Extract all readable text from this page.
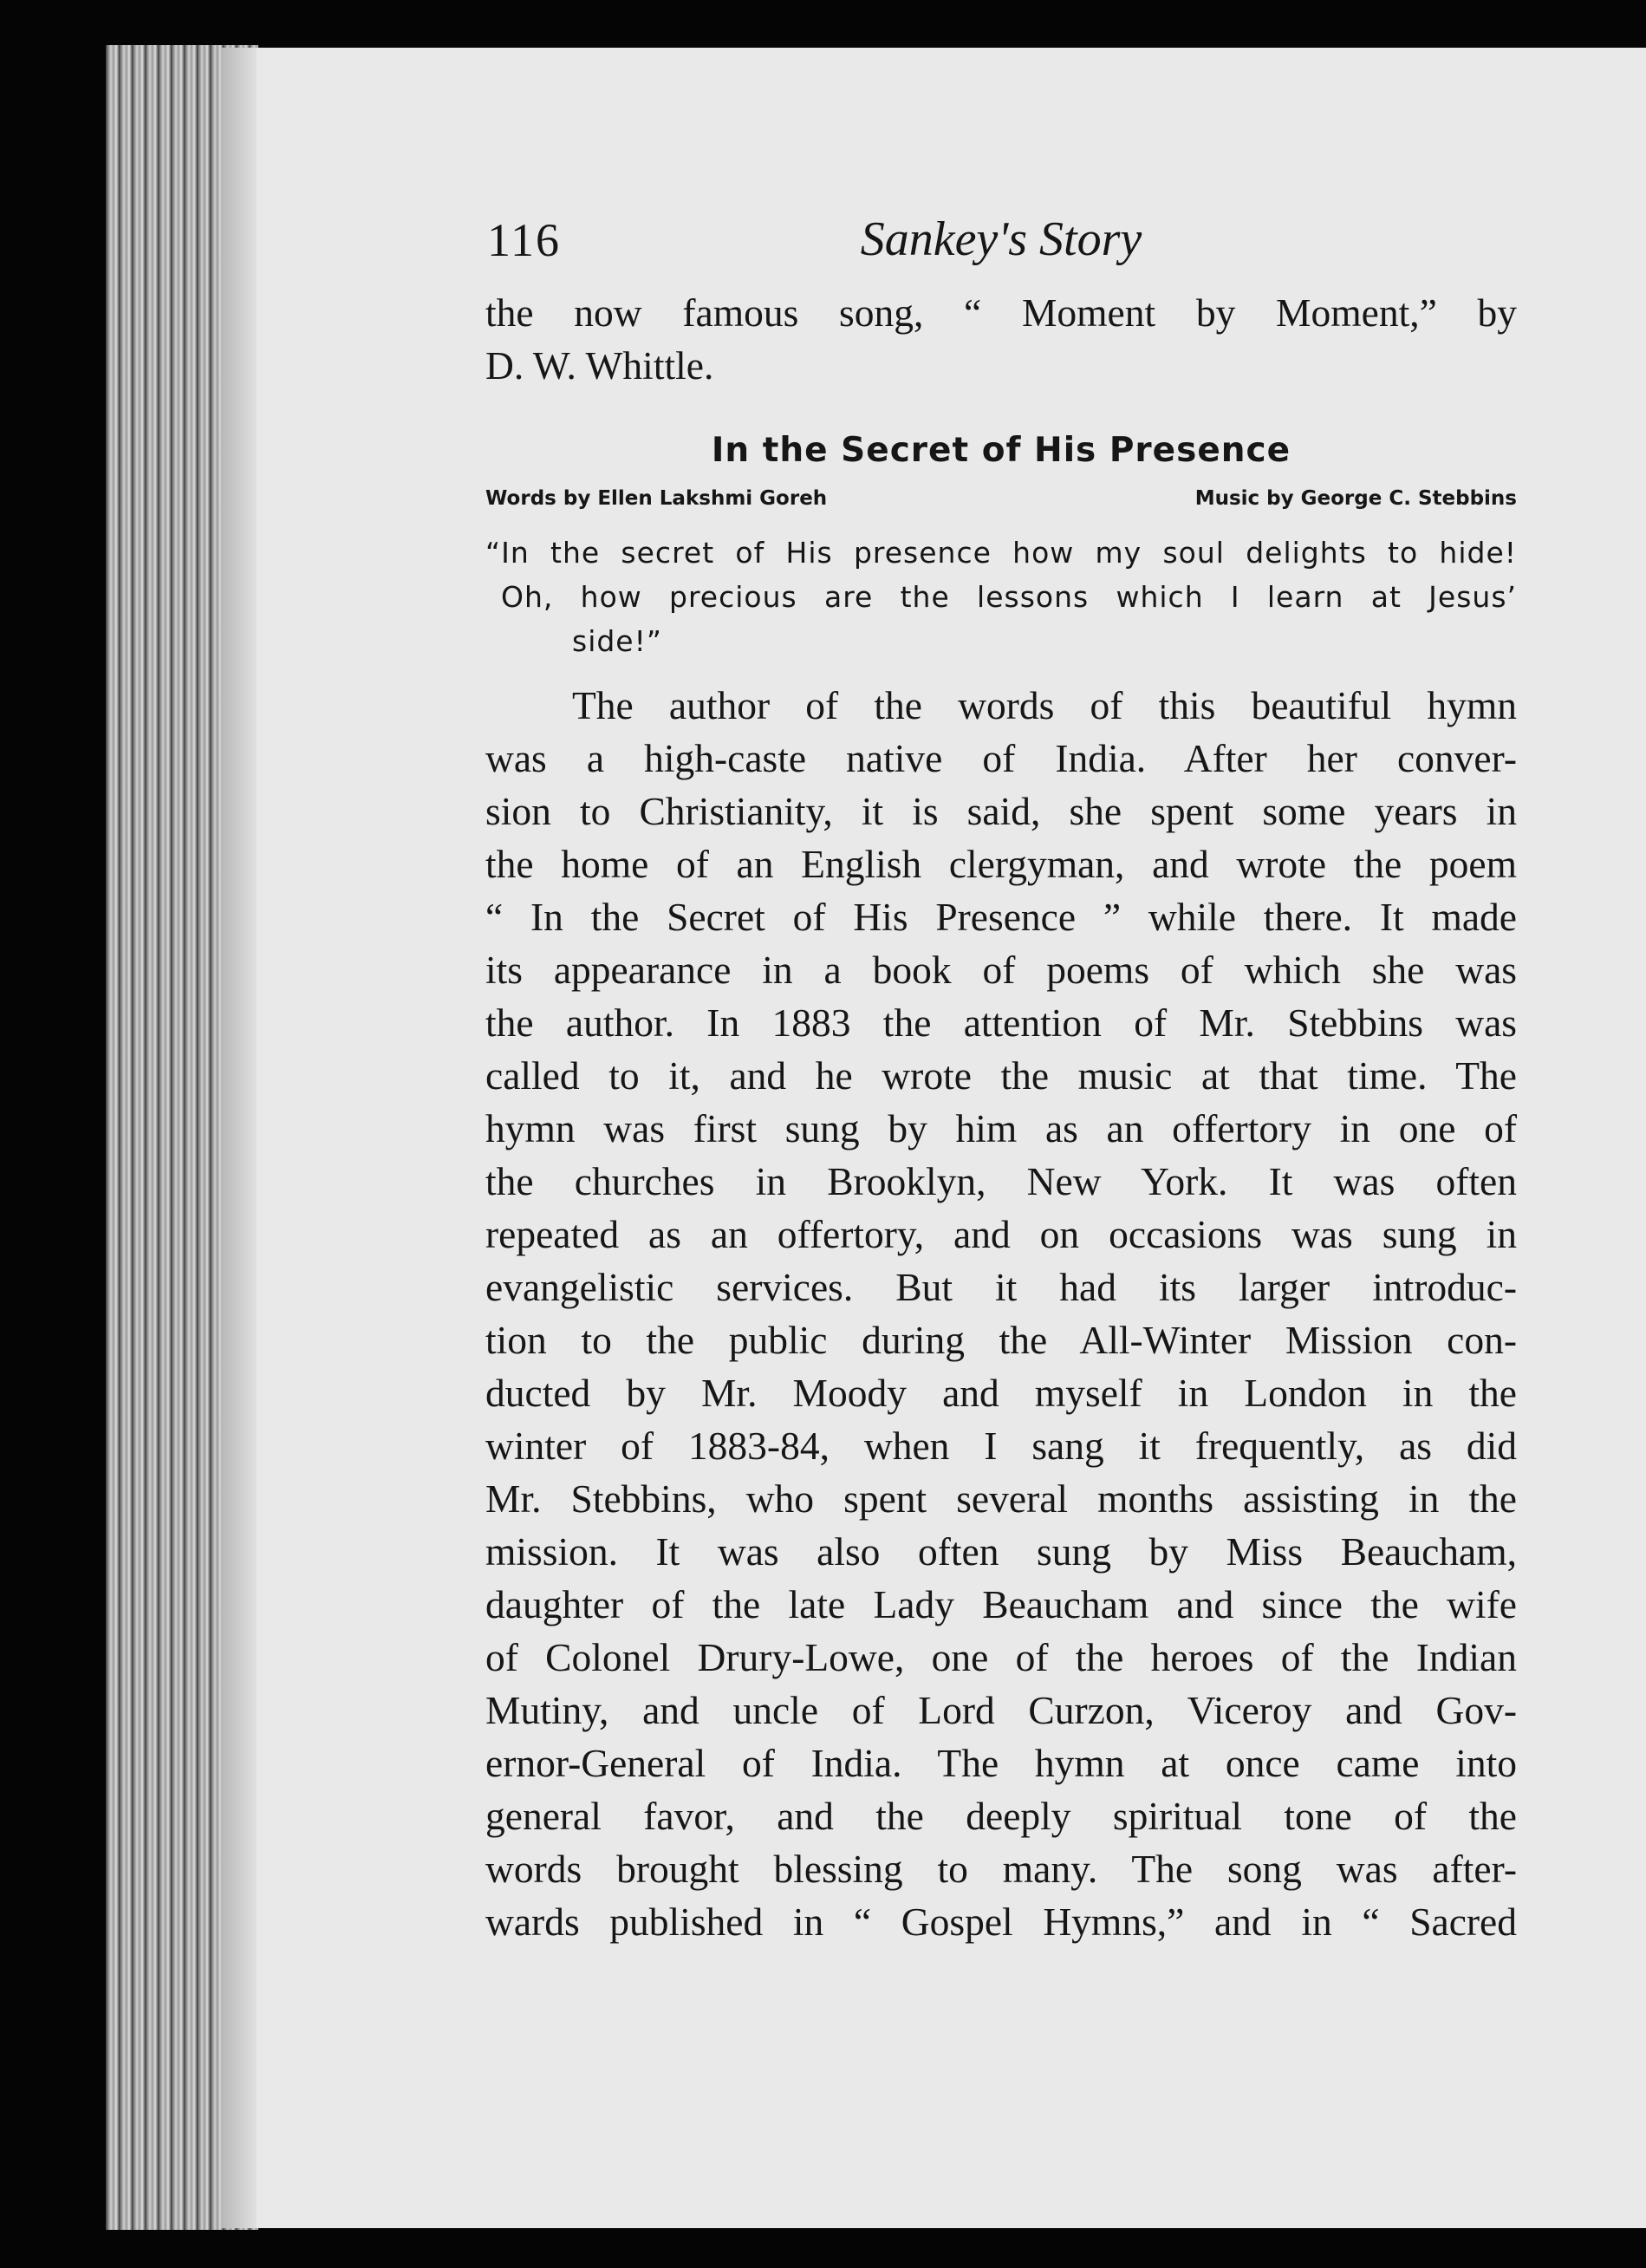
116	Sankey's Story
the now famous song, “ Moment by Moment,” by
D. W. Whittle.
In the Secret of His Presence
Words by Ellen Lakshmi Goreh	Music by George C. Stebbins
“In the secret of His presence how my soul delights to hide!
Oh, how precious are the lessons which I learn at Jesus’
side!”
The author of the words of this beautiful hymn
was a high-caste native of India. After her conver-
sion to Christianity, it is said, she spent some years in
the home of an English clergyman, and wrote the poem
“ In the Secret of His Presence ” while there. It made
its appearance in a book of poems of which she was
the author. In 1883 the attention of Mr. Stebbins was
called to it, and he wrote the music at that time. The
hymn was first sung by him as an offertory in one of
the churches in Brooklyn, New York. It was often
repeated as an offertory, and on occasions was sung in
evangelistic services. But it had its larger introduc-
tion to the public during the All-Winter Mission con-
ducted by Mr. Moody and myself in London in the
winter of 1883-84, when I sang it frequently, as did
Mr. Stebbins, who spent several months assisting in the
mission. It was also often sung by Miss Beaucham,
daughter of the late Lady Beaucham and since the wife
of Colonel Drury-Lowe, one of the heroes of the Indian
Mutiny, and uncle of Lord Curzon, Viceroy and Gov-
ernor-General of India. The hymn at once came into
general favor, and the deeply spiritual tone of the
words brought blessing to many. The song was after-
wards published in “ Gospel Hymns,” and in “ Sacred
